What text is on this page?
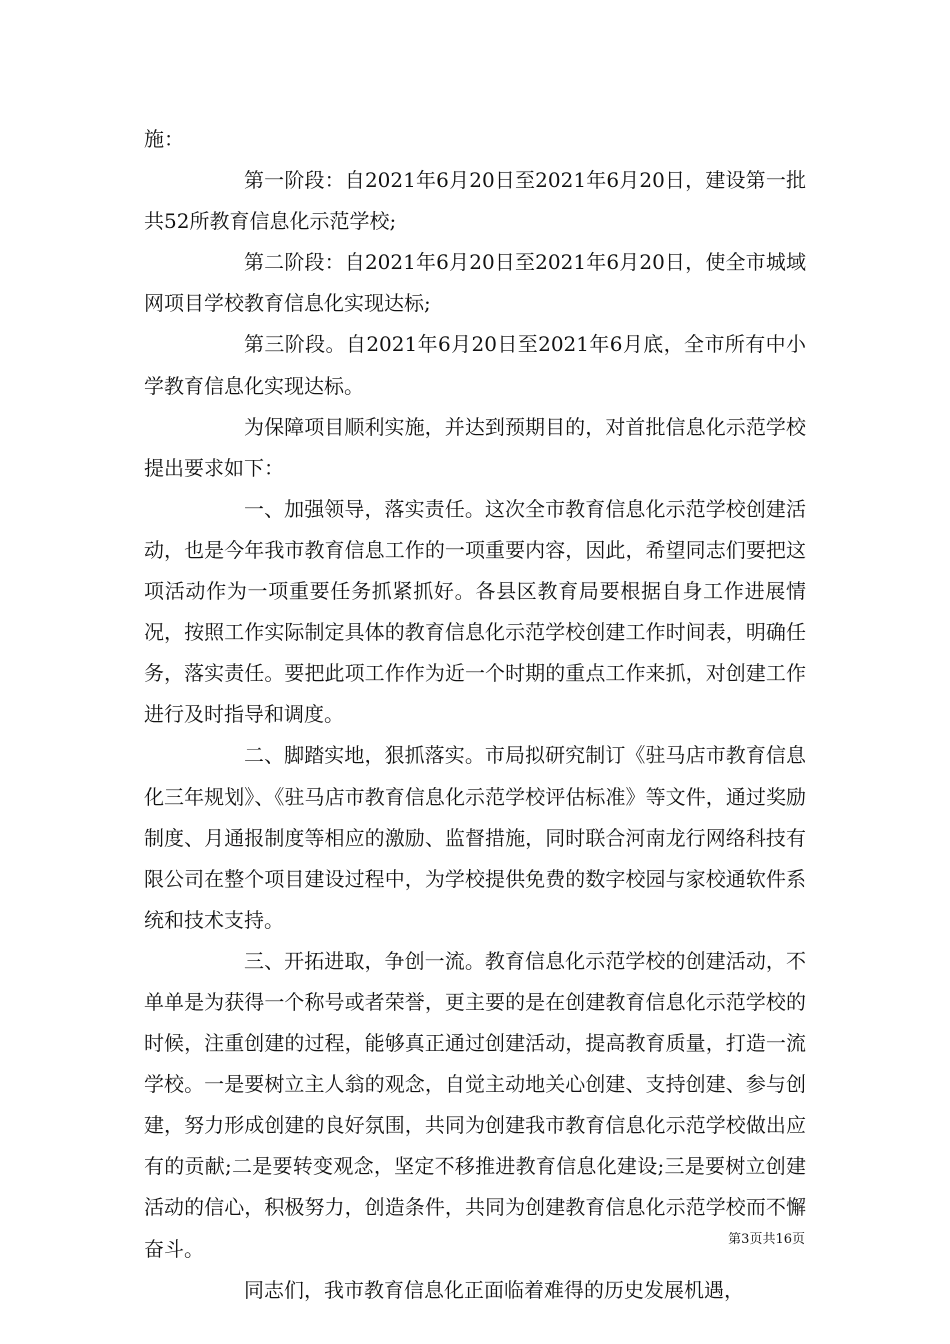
施：

第一阶段：自2021年6月20日至2021年6月20日，建设第一批共52所教育信息化示范学校;

第二阶段：自2021年6月20日至2021年6月20日，使全市城域网项目学校教育信息化实现达标;

第三阶段。自2021年6月20日至2021年6月底，全市所有中小学教育信息化实现达标。

为保障项目顺利实施，并达到预期目的，对首批信息化示范学校提出要求如下：

一、加强领导，落实责任。这次全市教育信息化示范学校创建活动，也是今年我市教育信息工作的一项重要内容，因此，希望同志们要把这项活动作为一项重要任务抓紧抓好。各县区教育局要根据自身工作进展情况，按照工作实际制定具体的教育信息化示范学校创建工作时间表，明确任务，落实责任。要把此项工作作为近一个时期的重点工作来抓，对创建工作进行及时指导和调度。

二、脚踏实地，狠抓落实。市局拟研究制订《驻马店市教育信息化三年规划》、《驻马店市教育信息化示范学校评估标准》等文件，通过奖励制度、月通报制度等相应的激励、监督措施，同时联合河南龙行网络科技有限公司在整个项目建设过程中，为学校提供免费的数字校园与家校通软件系统和技术支持。

三、开拓进取，争创一流。教育信息化示范学校的创建活动，不单单是为获得一个称号或者荣誉，更主要的是在创建教育信息化示范学校的时候，注重创建的过程，能够真正通过创建活动，提高教育质量，打造一流学校。一是要树立主人翁的观念，自觉主动地关心创建、支持创建、参与创建，努力形成创建的良好氛围，共同为创建我市教育信息化示范学校做出应有的贡献;二是要转变观念，坚定不移推进教育信息化建设;三是要树立创建活动的信心，积极努力，创造条件，共同为创建教育信息化示范学校而不懈奋斗。

同志们，我市教育信息化正面临着难得的历史发展机遇，

第3页共16页
